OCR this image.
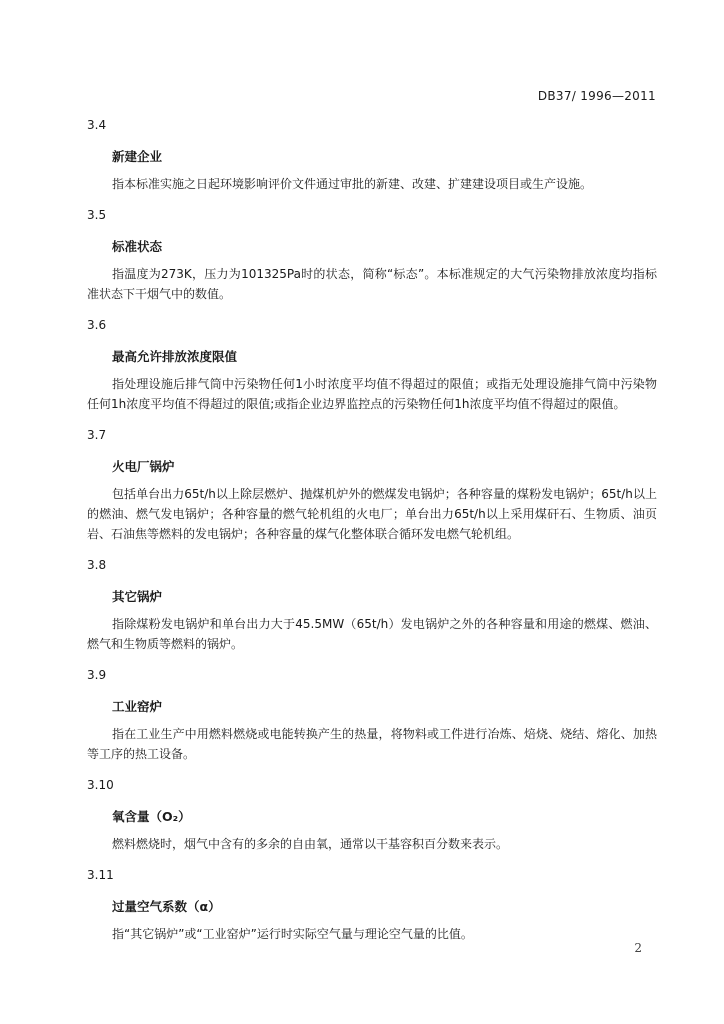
DB37/ 1996—2011
3.4
新建企业
指本标准实施之日起环境影响评价文件通过审批的新建、改建、扩建建设项目或生产设施。
3.5
标准状态
指温度为273K，压力为101325Pa时的状态，简称“标态”。本标准规定的大气污染物排放浓度均指标准状态下干烟气中的数值。
3.6
最高允许排放浓度限值
指处理设施后排气筒中污染物任何1小时浓度平均值不得超过的限值；或指无处理设施排气筒中污染物任何1h浓度平均值不得超过的限值;或指企业边界监控点的污染物任何1h浓度平均值不得超过的限值。
3.7
火电厂锅炉
包括单台出力65t/h以上除层燃炉、抛煤机炉外的燃煤发电锅炉；各种容量的煤粉发电锅炉；65t/h以上的燃油、燃气发电锅炉；各种容量的燃气轮机组的火电厂；单台出力65t/h以上采用煤矸石、生物质、油页岩、石油焦等燃料的发电锅炉；各种容量的煤气化整体联合循环发电燃气轮机组。
3.8
其它锅炉
指除煤粉发电锅炉和单台出力大于45.5MW（65t/h）发电锅炉之外的各种容量和用途的燃煤、燃油、燃气和生物质等燃料的锅炉。
3.9
工业窑炉
指在工业生产中用燃料燃烧或电能转换产生的热量，将物料或工件进行冶炼、焙烧、烧结、熔化、加热等工序的热工设备。
3.10
氧含量（O₂）
燃料燃烧时，烟气中含有的多余的自由氧，通常以干基容积百分数来表示。
3.11
过量空气系数（α）
指“其它锅炉”或“工业窑炉”运行时实际空气量与理论空气量的比值。
2
